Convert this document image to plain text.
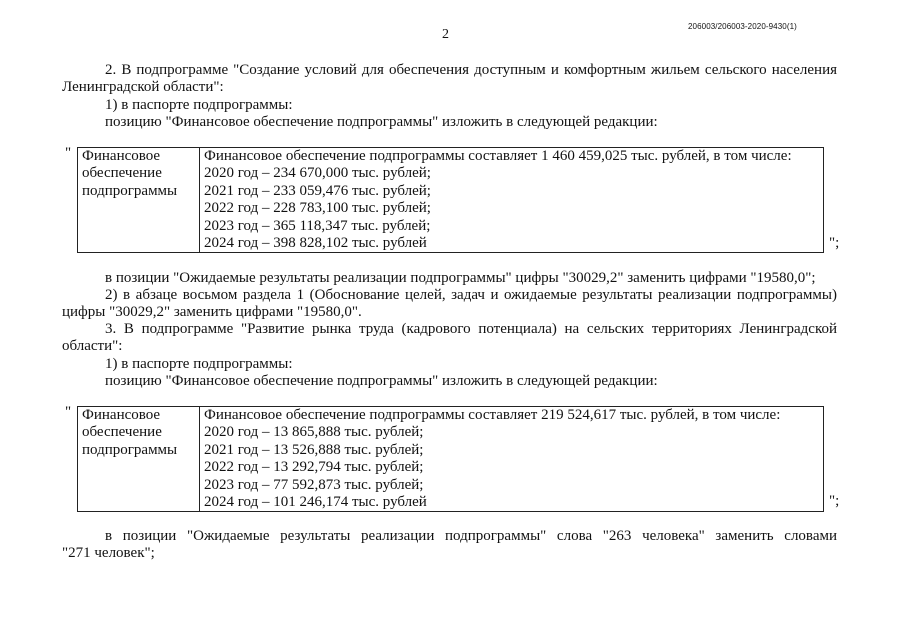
2
206003/206003-2020-9430(1)
2. В подпрограмме "Создание условий для обеспечения доступным и комфортным жильем сельского населения
Ленинградской области":
1) в паспорте подпрограммы:
позицию "Финансовое обеспечение подпрограммы" изложить в следующей редакции:
" Финансовое
обеспечение
подпрограммы

Финансовое обеспечение подпрограммы составляет 1 460 459,025 тыс. рублей, в том числе:
2020 год – 234 670,000 тыс. рублей;
2021 год – 233 059,476 тыс. рублей;
2022 год – 228 783,100 тыс. рублей;
2023 год – 365 118,347 тыс. рублей;
2024 год – 398 828,102 тыс. рублей	";
в позиции "Ожидаемые результаты реализации подпрограммы" цифры "30029,2" заменить цифрами "19580,0";
2) в абзаце восьмом раздела 1 (Обоснование целей, задач и ожидаемые результаты реализации подпрограммы)
цифры "30029,2" заменить цифрами "19580,0".
3. В подпрограмме "Развитие рынка труда (кадрового потенциала) на сельских территориях Ленинградской
области":
1) в паспорте подпрограммы:
позицию "Финансовое обеспечение подпрограммы" изложить в следующей редакции:
" Финансовое
обеспечение
подпрограммы

Финансовое обеспечение подпрограммы составляет 219 524,617 тыс. рублей, в том числе:
2020 год – 13 865,888 тыс. рублей;
2021 год – 13 526,888 тыс. рублей;
2022 год – 13 292,794 тыс. рублей;
2023 год – 77 592,873 тыс. рублей;
2024 год – 101 246,174 тыс. рублей	";
в позиции "Ожидаемые результаты реализации подпрограммы" слова "263 человека" заменить словами
"271 человек";
